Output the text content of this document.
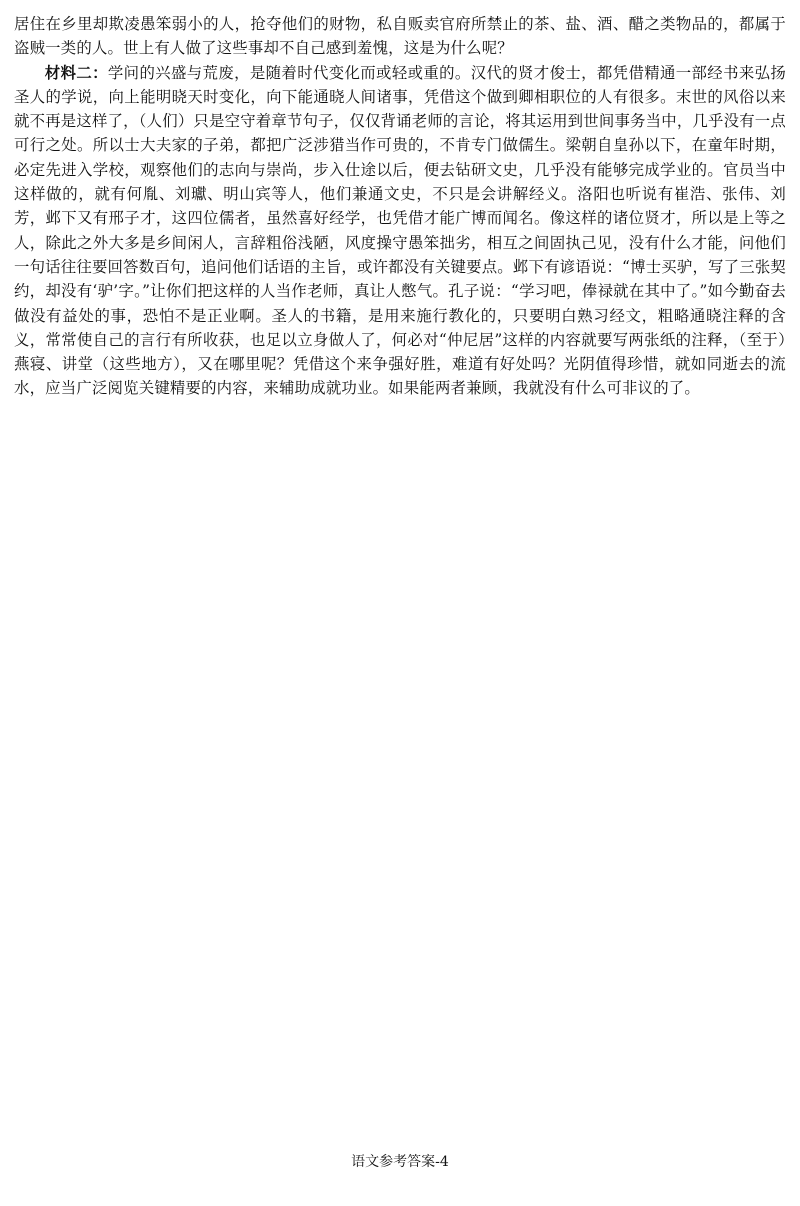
居住在乡里却欺凌愚笨弱小的人，抢夺他们的财物，私自贩卖官府所禁止的茶、盐、酒、醋之类物品的，都属于盗贼一类的人。世上有人做了这些事却不自己感到羞愧，这是为什么呢？

材料二：学问的兴盛与荒废，是随着时代变化而或轻或重的。汉代的贤才俊士，都凭借精通一部经书来弘扬圣人的学说，向上能明晓天时变化，向下能通晓人间诸事，凭借这个做到卿相职位的人有很多。末世的风俗以来就不再是这样了，（人们）只是空守着章节句子，仅仅背诵老师的言论，将其运用到世间事务当中，几乎没有一点可行之处。所以士大夫家的子弟，都把广泛涉猎当作可贵的，不肯专门做儒生。梁朝自皇孙以下，在童年时期，必定先进入学校，观察他们的志向与崇尚，步入仕途以后，便去钻研文史，几乎没有能够完成学业的。官员当中这样做的，就有何胤、刘瓛、明山宾等人，他们兼通文史，不只是会讲解经义。洛阳也听说有崔浩、张伟、刘芳，邺下又有邢子才，这四位儒者，虽然喜好经学，也凭借才能广博而闻名。像这样的诸位贤才，所以是上等之人，除此之外大多是乡间闲人，言辞粗俗浅陋，风度操守愚笨拙劣，相互之间固执己见，没有什么才能，问他们一句话往往要回答数百句，追问他们话语的主旨，或许都没有关键要点。邺下有谚语说：“博士买驴，写了三张契约，却没有‘驴’字。”让你们把这样的人当作老师，真让人憋气。孔子说：“学习吧，俸禄就在其中了。”如今勤奋去做没有益处的事，恐怕不是正业啊。圣人的书籍，是用来施行教化的，只要明白熟习经文，粗略通晓注释的含义，常常使自己的言行有所收获，也足以立身做人了，何必对“仲尼居”这样的内容就要写两张纸的注释，（至于）燕寝、讲堂（这些地方），又在哪里呢？凭借这个来争强好胜，难道有好处吗？光阴值得珍惜，就如同逝去的流水，应当广泛阅览关键精要的内容，来辅助成就功业。如果能两者兼顾，我就没有什么可非议的了。

语文参考答案-4
